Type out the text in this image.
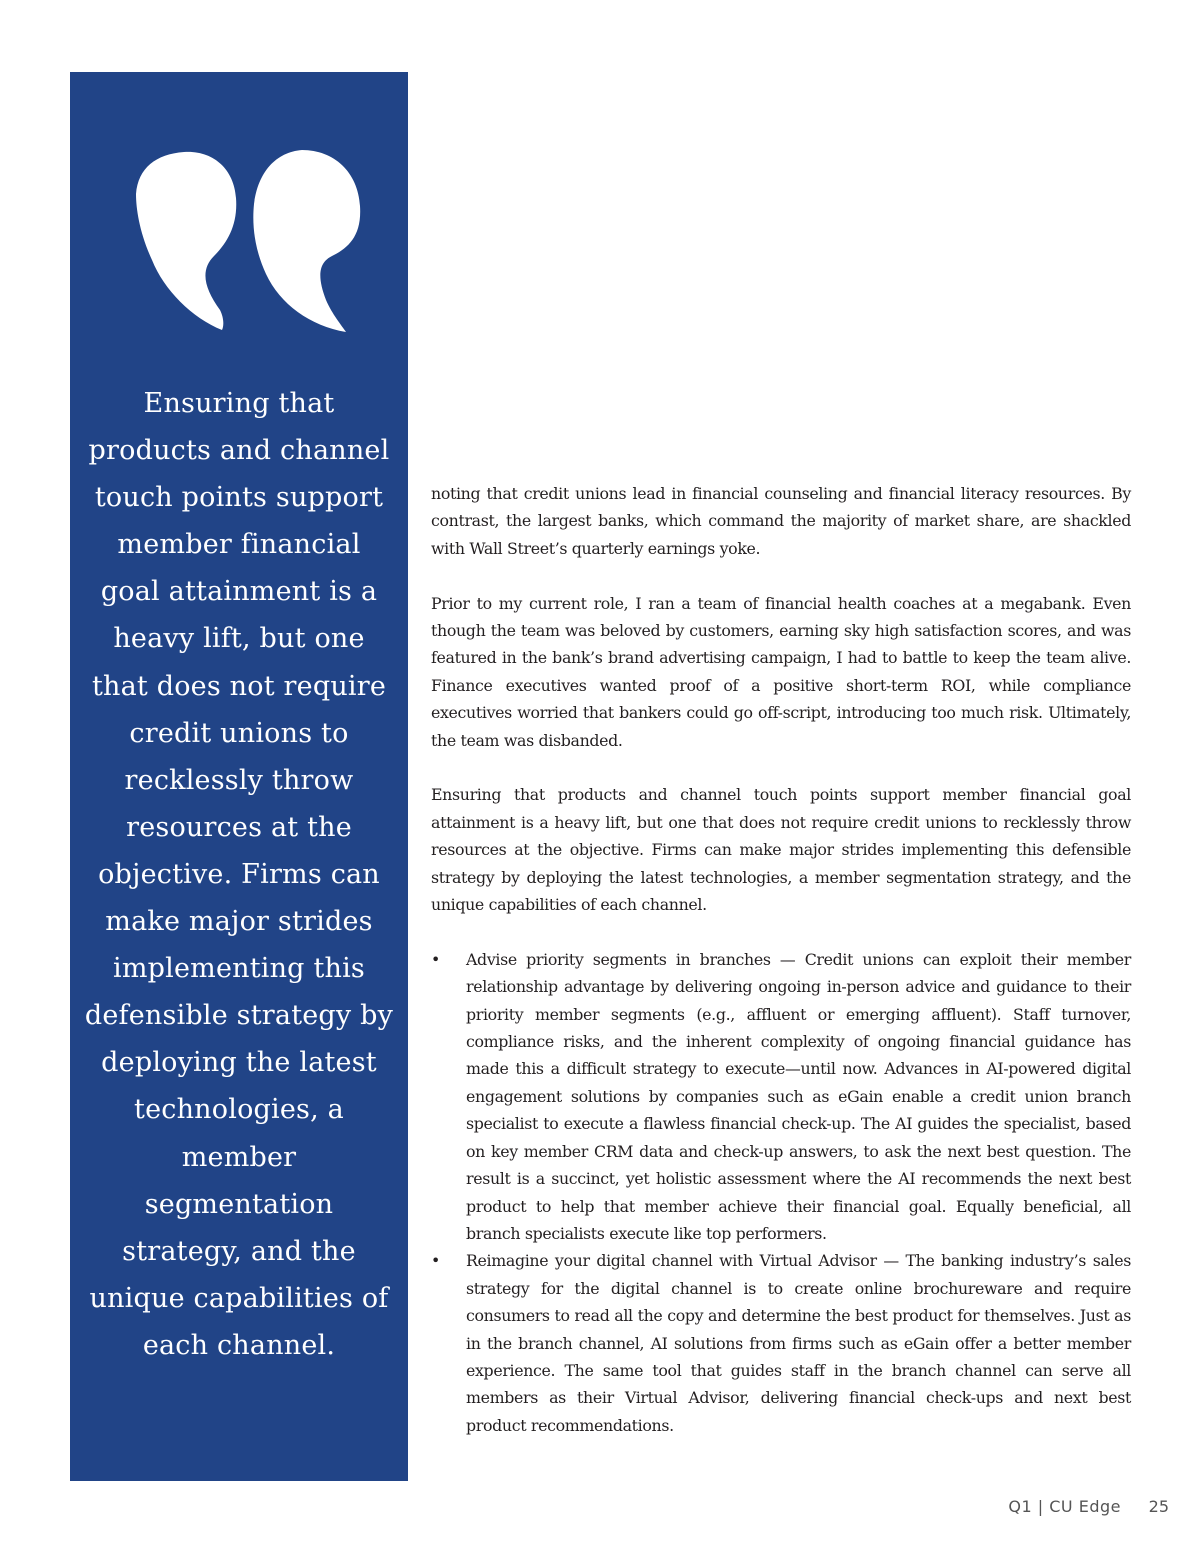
Ensuring that products and channel touch points support member financial goal attainment is a heavy lift, but one that does not require credit unions to recklessly throw resources at the objective. Firms can make major strides implementing this defensible strategy by deploying the latest technologies, a member segmentation strategy, and the unique capabilities of each channel.

noting that credit unions lead in financial counseling and financial literacy resources. By contrast, the largest banks, which command the majority of market share, are shackled with Wall Street’s quarterly earnings yoke.

Prior to my current role, I ran a team of financial health coaches at a megabank. Even though the team was beloved by customers, earning sky high satisfaction scores, and was featured in the bank’s brand advertising campaign, I had to battle to keep the team alive. Finance executives wanted proof of a positive short-term ROI, while compliance executives worried that bankers could go off-script, introducing too much risk. Ultimately, the team was disbanded.

Ensuring that products and channel touch points support member financial goal attainment is a heavy lift, but one that does not require credit unions to recklessly throw resources at the objective. Firms can make major strides implementing this defensible strategy by deploying the latest technologies, a member segmentation strategy, and the unique capabilities of each channel.

• Advise priority segments in branches — Credit unions can exploit their member relationship advantage by delivering ongoing in-person advice and guidance to their priority member segments (e.g., affluent or emerging affluent). Staff turnover, compliance risks, and the inherent complexity of ongoing financial guidance has made this a difficult strategy to execute—until now. Advances in AI-powered digital engagement solutions by companies such as eGain enable a credit union branch specialist to execute a flawless financial check-up. The AI guides the specialist, based on key member CRM data and check-up answers, to ask the next best question. The result is a succinct, yet holistic assessment where the AI recommends the next best product to help that member achieve their financial goal. Equally beneficial, all branch specialists execute like top performers.
• Reimagine your digital channel with Virtual Advisor — The banking industry’s sales strategy for the digital channel is to create online brochureware and require consumers to read all the copy and determine the best product for themselves. Just as in the branch channel, AI solutions from firms such as eGain offer a better member experience. The same tool that guides staff in the branch channel can serve all members as their Virtual Advisor, delivering financial check-ups and next best product recommendations.
Q1 | CU Edge 25
